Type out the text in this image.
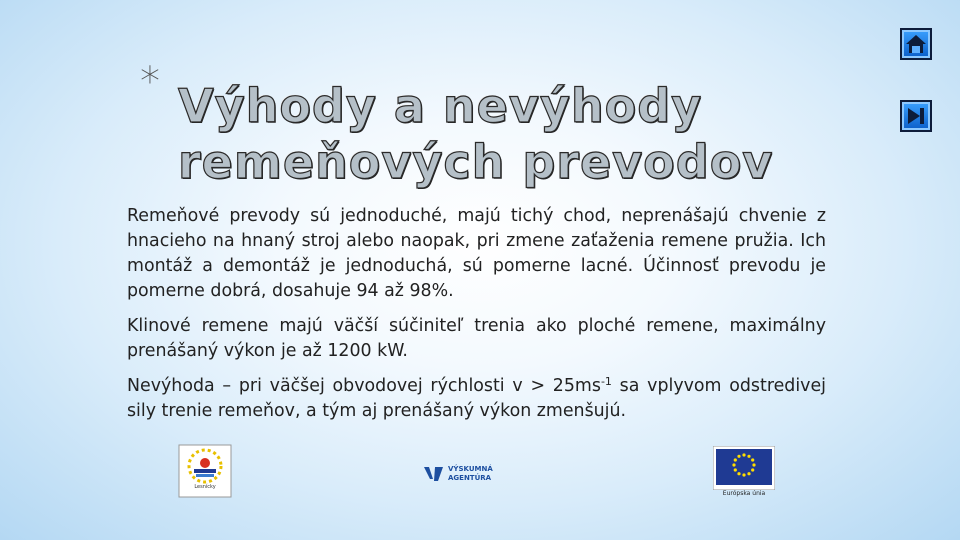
* Výhody a nevýhody
remeňových prevodov

Remeňové prevody sú jednoduché, majú tichý chod, neprenášajú chvenie z hnacieho na hnaný stroj alebo naopak, pri zmene zaťaženia remene pružia. Ich montáž a demontáž je jednoduchá, sú pomerne lacné. Účinnosť prevodu je pomerne dobrá, dosahuje 94 až 98%.

Klinové remene majú väčší súčiniteľ trenia ako ploché remene, maximálny prenášaný výkon je až 1200 kW.

Nevýhoda – pri väčšej obvodovej rýchlosti $v > 25ms^{-1}$ sa vplyvom odstredivej sily trenie remeňov, a tým aj prenášaný výkon zmenšujú.

Lesnícky
VÝSKUMNÁ
AGENTÚRA
Európska únia
